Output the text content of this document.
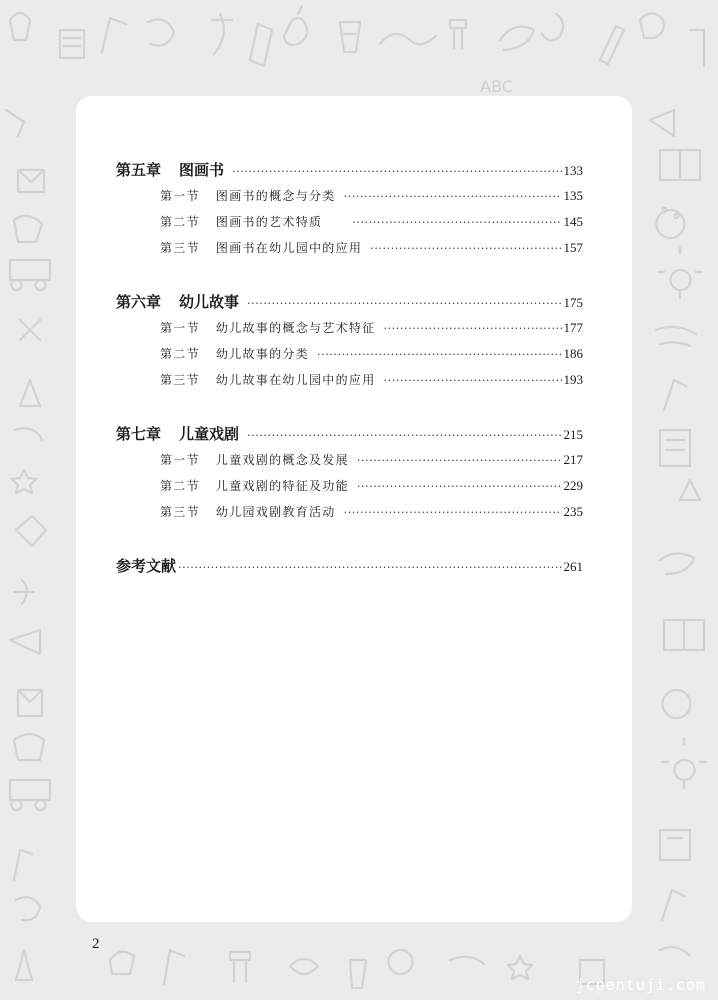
ABC
第五章 图画书 ·····	133
第一节 图画书的概念与分类 ·····	135
第二节 图画书的艺术特质 ·····	145
第三节 图画书在幼儿园中的应用 ·····	157
第六章 幼儿故事 ·····	175
第一节 幼儿故事的概念与艺术特征 ·····	177
第二节 幼儿故事的分类 ·····	186
第三节 幼儿故事在幼儿园中的应用 ·····	193
第七章 儿童戏剧 ·····	215
第一节 儿童戏剧的概念及发展 ·····	217
第二节 儿童戏剧的特征及功能 ·····	229
第三节 幼儿园戏剧教育活动 ·····	235
参考文献 ·····	261
2
jcpentuji.com
